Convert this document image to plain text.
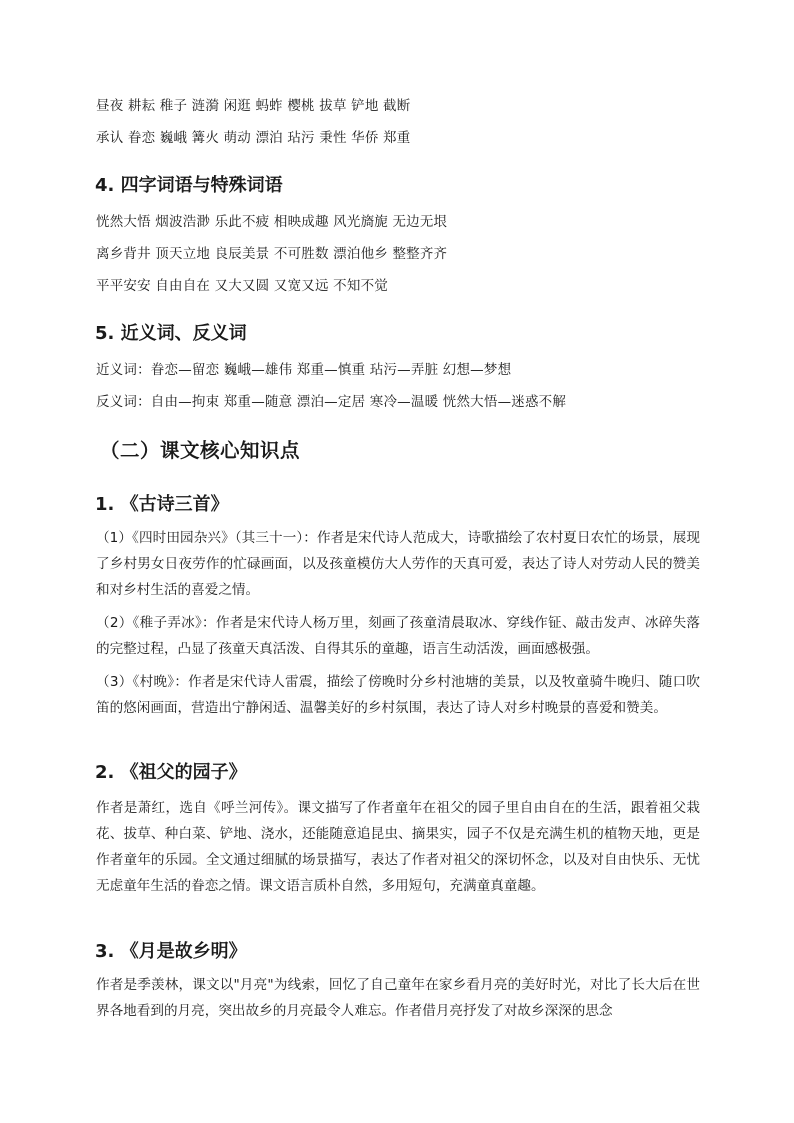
昼夜 耕耘 稚子 涟漪 闲逛 蚂蚱 樱桃 拔草 铲地 截断
承认 眷恋 巍峨 篝火 萌动 漂泊 玷污 秉性 华侨 郑重
4. 四字词语与特殊词语
恍然大悟 烟波浩渺 乐此不疲 相映成趣 风光旖旎 无边无垠
离乡背井 顶天立地 良辰美景 不可胜数 漂泊他乡 整整齐齐
平平安安 自由自在 又大又圆 又宽又远 不知不觉
5. 近义词、反义词
近义词：眷恋—留恋 巍峨—雄伟 郑重—慎重 玷污—弄脏 幻想—梦想
反义词：自由—拘束 郑重—随意 漂泊—定居 寒冷—温暖 恍然大悟—迷惑不解
（二）课文核心知识点
1. 《古诗三首》

（1）《四时田园杂兴》（其三十一）：作者是宋代诗人范成大，诗歌描绘了农村夏日农忙的场景，展现了乡村男女日夜劳作的忙碌画面，以及孩童模仿大人劳作的天真可爱，表达了诗人对劳动人民的赞美和对乡村生活的喜爱之情。

（2）《稚子弄冰》：作者是宋代诗人杨万里，刻画了孩童清晨取冰、穿线作钲、敲击发声、冰碎失落的完整过程，凸显了孩童天真活泼、自得其乐的童趣，语言生动活泼，画面感极强。

（3）《村晚》：作者是宋代诗人雷震，描绘了傍晚时分乡村池塘的美景，以及牧童骑牛晚归、随口吹笛的悠闲画面，营造出宁静闲适、温馨美好的乡村氛围，表达了诗人对乡村晚景的喜爱和赞美。

2. 《祖父的园子》

作者是萧红，选自《呼兰河传》。课文描写了作者童年在祖父的园子里自由自在的生活，跟着祖父栽花、拔草、种白菜、铲地、浇水，还能随意追昆虫、摘果实，园子不仅是充满生机的植物天地，更是作者童年的乐园。全文通过细腻的场景描写，表达了作者对祖父的深切怀念，以及对自由快乐、无忧无虑童年生活的眷恋之情。课文语言质朴自然，多用短句，充满童真童趣。

3. 《月是故乡明》

作者是季羡林，课文以"月亮"为线索，回忆了自己童年在家乡看月亮的美好时光，对比了长大后在世界各地看到的月亮，突出故乡的月亮最令人难忘。作者借月亮抒发了对故乡深深的思念
